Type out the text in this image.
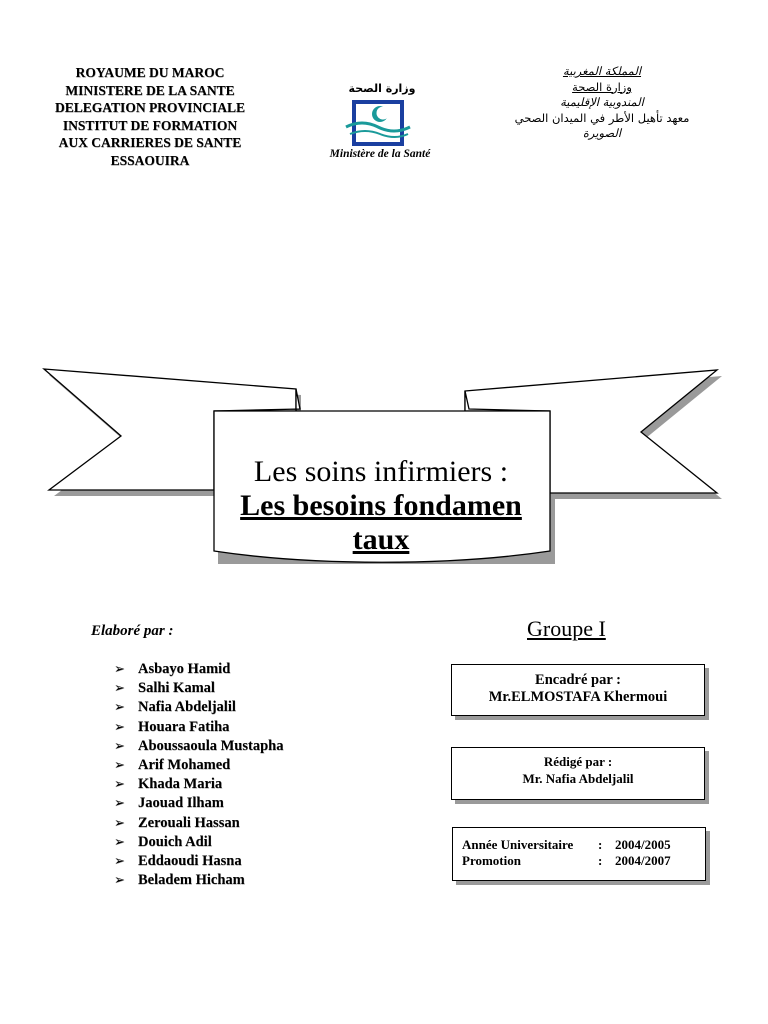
ROYAUME DU MAROC
MINISTERE DE LA SANTE
DELEGATION PROVINCIALE
INSTITUT DE FORMATION
AUX CARRIERES DE SANTE
ESSAOUIRA
وزارة الصحة
Ministère de la Santé
المملكة المغربية
وزارة الصحة
المندوبية الإقليمية
معهد تأهيل الأطر في الميدان الصحي
الصويرة
Les soins infirmiers :
Les besoins fondamen
taux
Elaboré par :
➢ Asbayo Hamid
➢ Salhi Kamal
➢ Nafia Abdeljalil
➢ Houara Fatiha
➢ Aboussaoula Mustapha
➢ Arif Mohamed
➢ Khada Maria
➢ Jaouad Ilham
➢ Zerouali Hassan
➢ Douich Adil
➢ Eddaoudi Hasna
➢ Beladem Hicham
Groupe I
Encadré par :
Mr.ELMOSTAFA Khermoui
Rédigé par :
Mr. Nafia Abdeljalil
Année Universitaire : 2004/2005
Promotion	: 2004/2007
